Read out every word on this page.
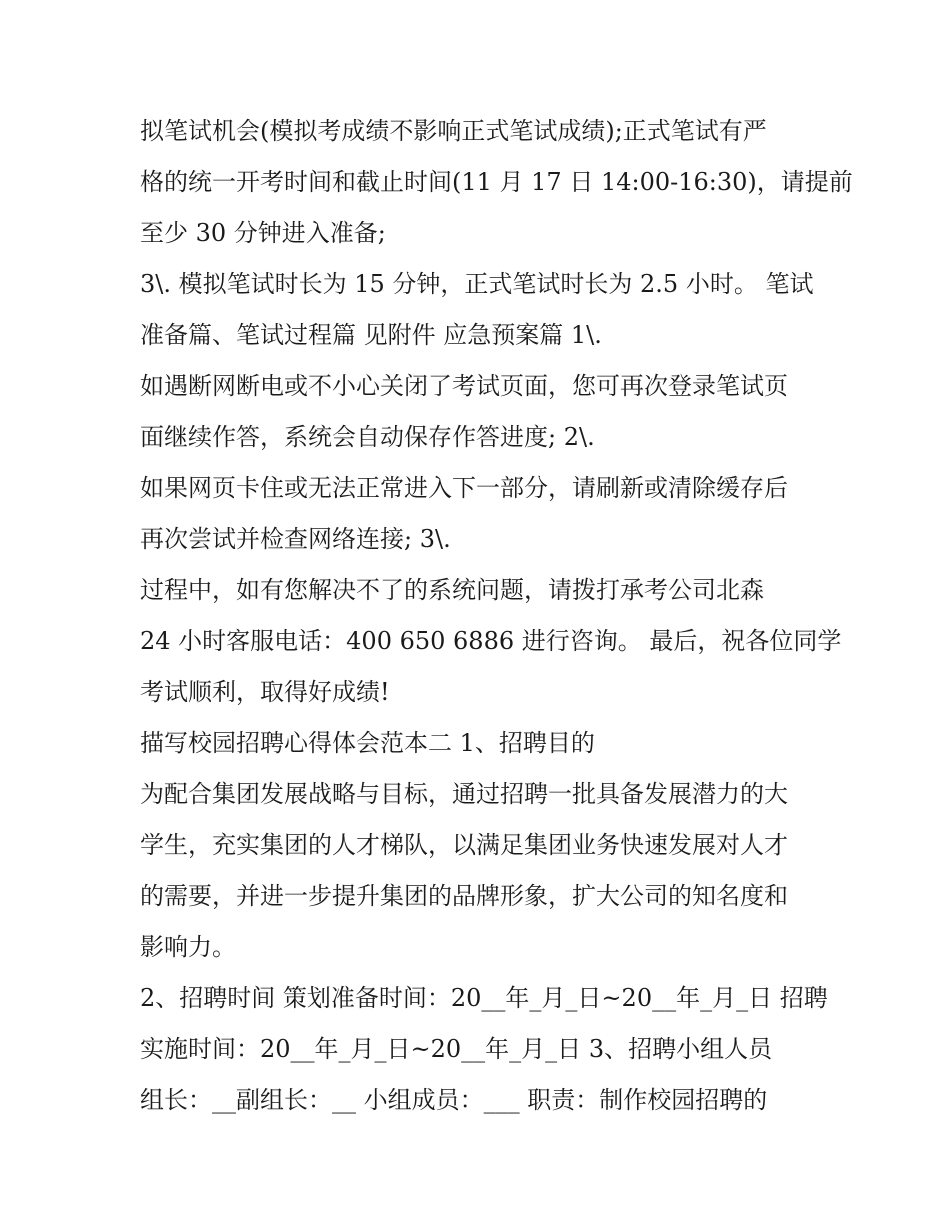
拟笔试机会(模拟考成绩不影响正式笔试成绩);正式笔试有严

格的统一开考时间和截止时间(11 月 17 日 14:00-16:30)，请提前

至少 30 分钟进入准备;

3\. 模拟笔试时长为 15 分钟，正式笔试时长为 2.5 小时。 笔试

准备篇、笔试过程篇 见附件 应急预案篇 1\.

如遇断网断电或不小心关闭了考试页面，您可再次登录笔试页

面继续作答，系统会自动保存作答进度; 2\.

如果网页卡住或无法正常进入下一部分，请刷新或清除缓存后

再次尝试并检查网络连接; 3\.

过程中，如有您解决不了的系统问题，请拨打承考公司北森

24 小时客服电话：400 650 6886 进行咨询。 最后，祝各位同学

考试顺利，取得好成绩!

描写校园招聘心得体会范本二 1、招聘目的

为配合集团发展战略与目标，通过招聘一批具备发展潜力的大

学生，充实集团的人才梯队，以满足集团业务快速发展对人才

的需要，并进一步提升集团的品牌形象，扩大公司的知名度和

影响力。

2、招聘时间 策划准备时间：20__年_月_日~20__年_月_日 招聘

实施时间：20__年_月_日~20__年_月_日 3、招聘小组人员

组长：__副组长：__ 小组成员：___ 职责：制作校园招聘的
